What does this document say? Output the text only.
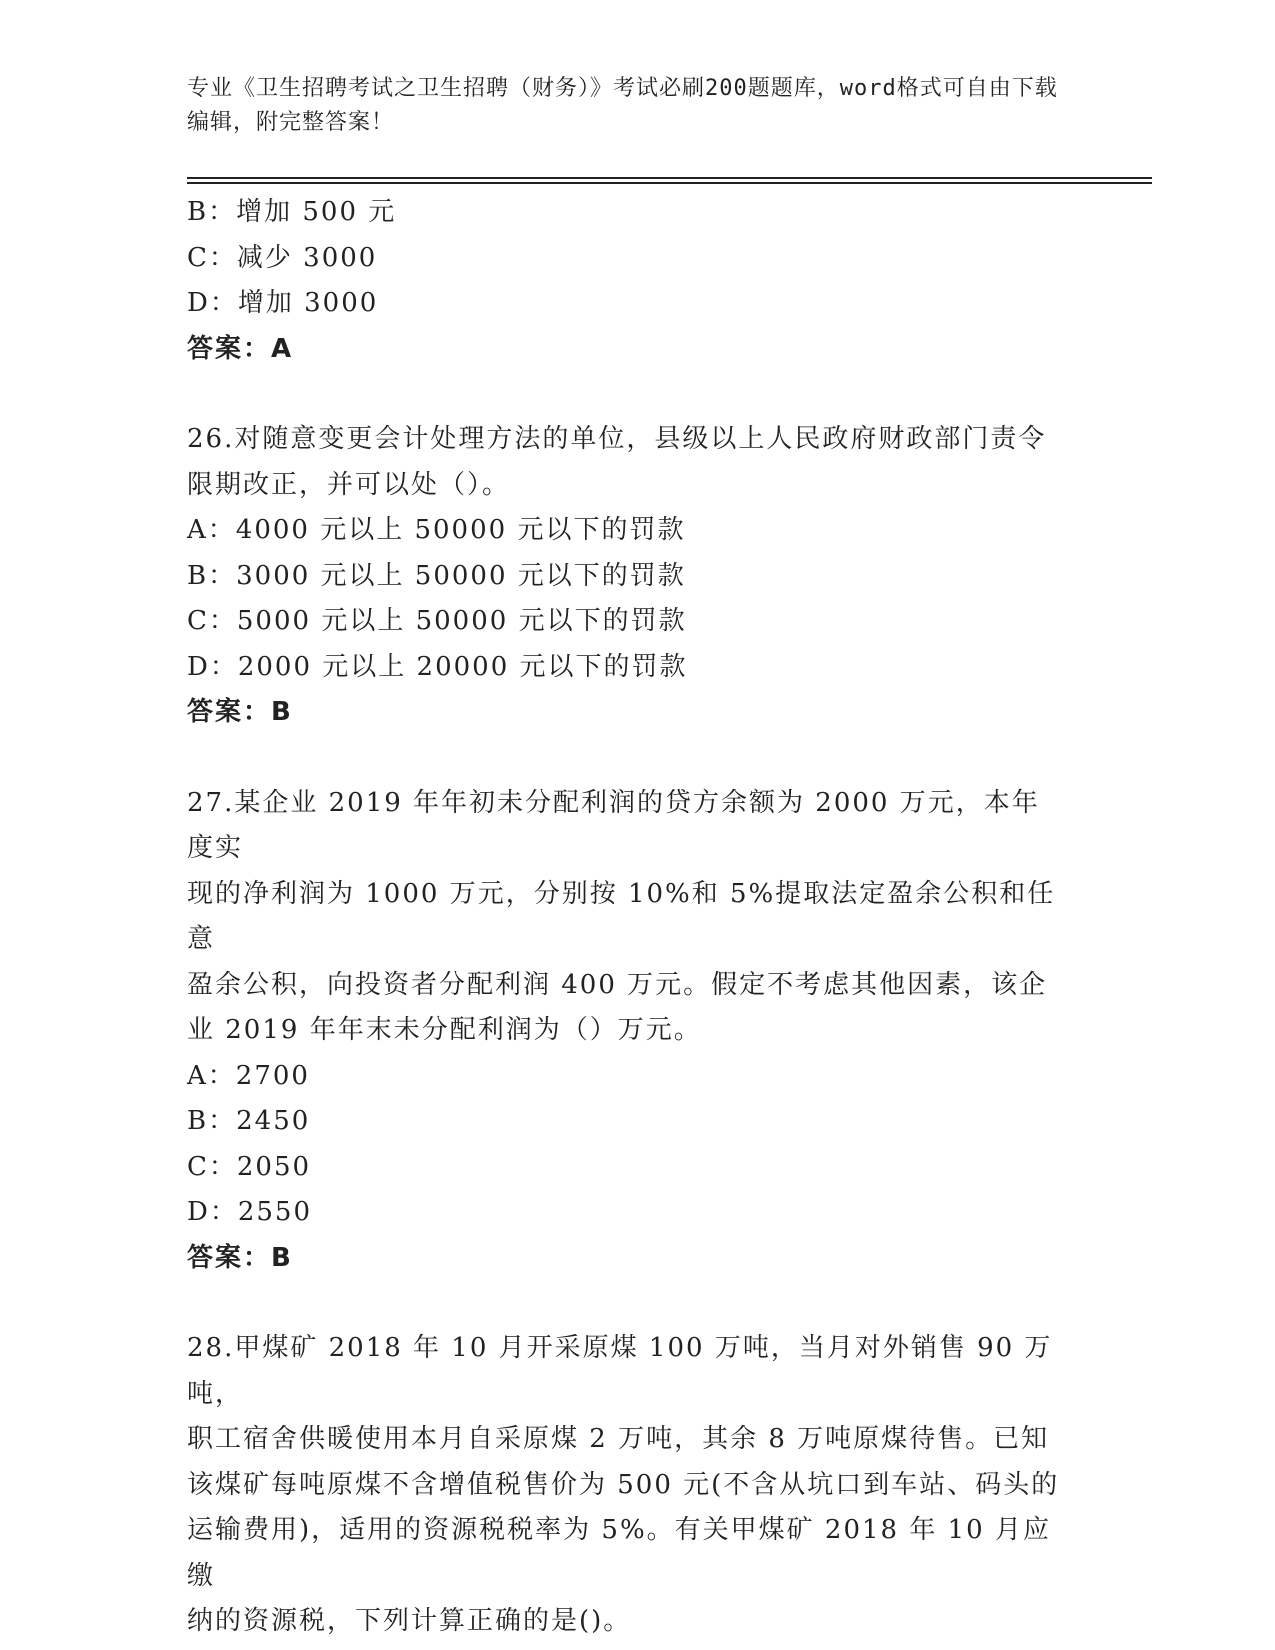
专业《卫生招聘考试之卫生招聘（财务）》考试必刷200题题库，word格式可自由下载编辑，附完整答案！
B：增加 500 元
C：减少 3000
D：增加 3000
答案：A
26.对随意变更会计处理方法的单位，县级以上人民政府财政部门责令
限期改正，并可以处（）。
A：4000 元以上 50000 元以下的罚款
B：3000 元以上 50000 元以下的罚款
C：5000 元以上 50000 元以下的罚款
D：2000 元以上 20000 元以下的罚款
答案：B
27.某企业 2019 年年初未分配利润的贷方余额为 2000 万元，本年度实
现的净利润为 1000 万元，分别按 10%和 5%提取法定盈余公积和任意
盈余公积，向投资者分配利润 400 万元。假定不考虑其他因素，该企
业 2019 年年末未分配利润为（）万元。
A：2700
B：2450
C：2050
D：2550
答案：B
28.甲煤矿 2018 年 10 月开采原煤 100 万吨，当月对外销售 90 万吨，
职工宿舍供暖使用本月自采原煤 2 万吨，其余 8 万吨原煤待售。已知
该煤矿每吨原煤不含增值税售价为 500 元(不含从坑口到车站、码头的
运输费用)，适用的资源税税率为 5%。有关甲煤矿 2018 年 10 月应缴
纳的资源税，下列计算正确的是()。
